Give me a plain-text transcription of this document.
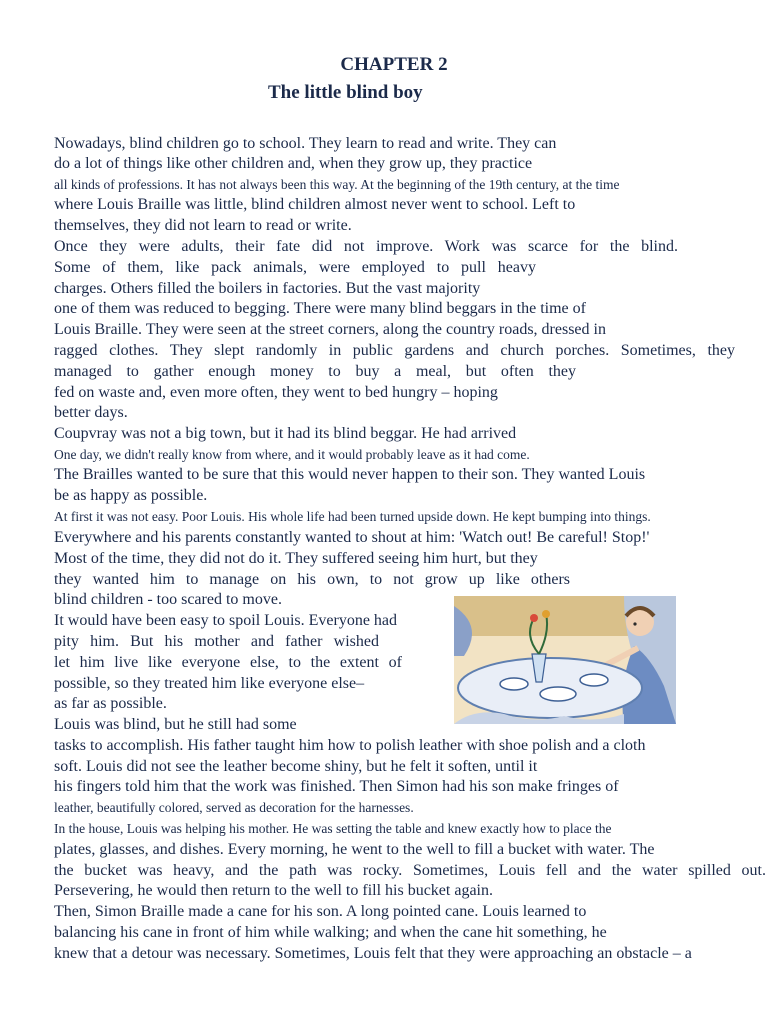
CHAPTER 2
The little blind boy
Nowadays, blind children go to school. They learn to read and write. They can
do a lot of things like other children and, when they grow up, they practice
all kinds of professions. It has not always been this way. At the beginning of the 19th century, at the time
where Louis Braille was little, blind children almost never went to school. Left to
themselves, they did not learn to read or write.
Once they were adults, their fate did not improve. Work was scarce for the blind.
Some of them, like pack animals, were employed to pull heavy
charges. Others filled the boilers in factories. But the vast majority
one of them was reduced to begging. There were many blind beggars in the time of
Louis Braille. They were seen at the street corners, along the country roads, dressed in
ragged clothes. They slept randomly in public gardens and church porches. Sometimes, they
managed to gather enough money to buy a meal, but often they
fed on waste and, even more often, they went to bed hungry – hoping
better days.
Coupvray was not a big town, but it had its blind beggar. He had arrived
One day, we didn't really know from where, and it would probably leave as it had come.
The Brailles wanted to be sure that this would never happen to their son. They wanted Louis
be as happy as possible.
At first it was not easy. Poor Louis. His whole life had been turned upside down. He kept bumping into things.
Everywhere and his parents constantly wanted to shout at him: 'Watch out! Be careful! Stop!'
Most of the time, they did not do it. They suffered seeing him hurt, but they
they wanted him to manage on his own, to not grow up like others
blind children - too scared to move.
It would have been easy to spoil Louis. Everyone had
pity him. But his mother and father wished
let him live like everyone else, to the extent of
possible, so they treated him like everyone else–
as far as possible.
Louis was blind, but he still had some
tasks to accomplish. His father taught him how to polish leather with shoe polish and a cloth
soft. Louis did not see the leather become shiny, but he felt it soften, until it
his fingers told him that the work was finished. Then Simon had his son make fringes of
leather, beautifully colored, served as decoration for the harnesses.
In the house, Louis was helping his mother. He was setting the table and knew exactly how to place the
plates, glasses, and dishes. Every morning, he went to the well to fill a bucket with water. The
the bucket was heavy, and the path was rocky. Sometimes, Louis fell and the water spilled out.
Persevering, he would then return to the well to fill his bucket again.
Then, Simon Braille made a cane for his son. A long pointed cane. Louis learned to
balancing his cane in front of him while walking; and when the cane hit something, he
knew that a detour was necessary. Sometimes, Louis felt that they were approaching an obstacle – a
